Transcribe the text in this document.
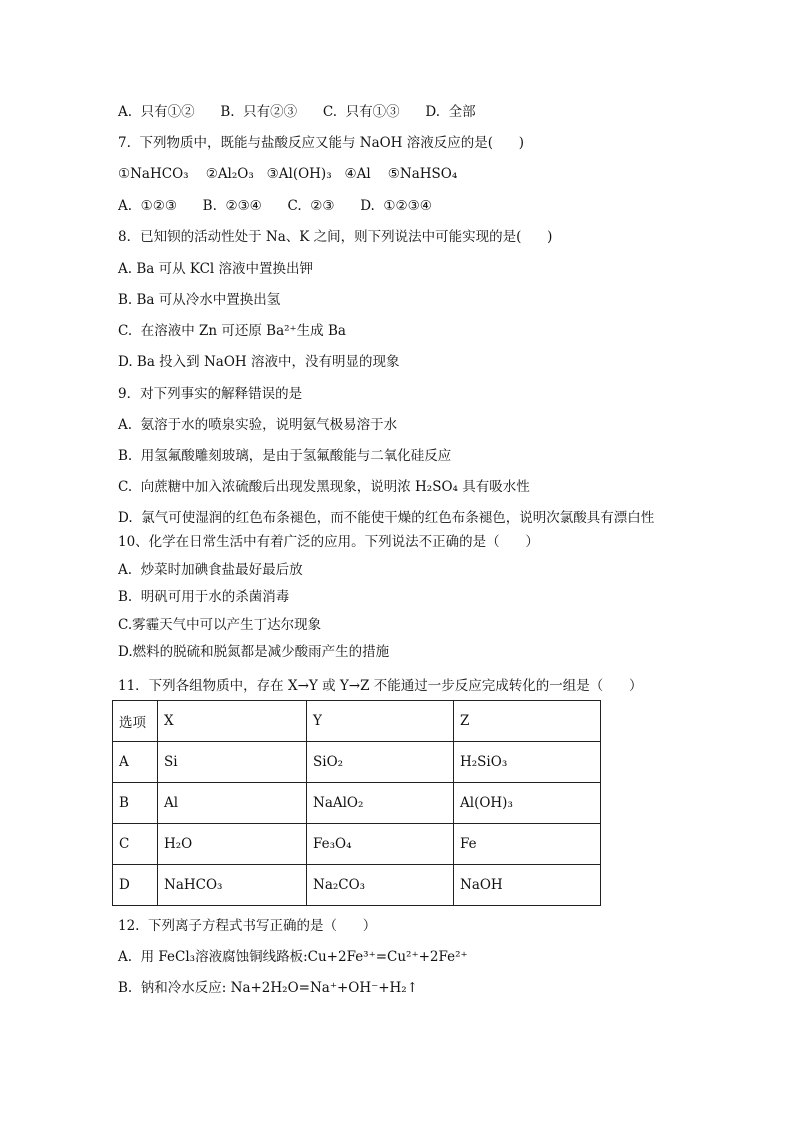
A.  只有①②      B.  只有②③      C.  只有①③      D.  全部
7.  下列物质中，既能与盐酸反应又能与 NaOH 溶液反应的是(      )
①NaHCO₃    ②Al₂O₃   ③Al(OH)₃   ④Al    ⑤NaHSO₄
A.  ①②③      B.  ②③④      C.  ②③      D.  ①②③④
8．已知钡的活动性处于 Na、K 之间，则下列说法中可能实现的是(      )
A. Ba 可从 KCl 溶液中置换出钾
B. Ba 可从冷水中置换出氢
C.  在溶液中 Zn 可还原 Ba²⁺生成 Ba
D. Ba 投入到 NaOH 溶液中，没有明显的现象
9．对下列事实的解释错误的是
A.  氨溶于水的喷泉实验，说明氨气极易溶于水
B.  用氢氟酸雕刻玻璃，是由于氢氟酸能与二氧化硅反应
C.  向蔗糖中加入浓硫酸后出现发黑现象，说明浓 H₂SO₄ 具有吸水性
D.  氯气可使湿润的红色布条褪色，而不能使干燥的红色布条褪色，说明次氯酸具有漂白性
10、化学在日常生活中有着广泛的应用。下列说法不正确的是（      ）
A.  炒菜时加碘食盐最好最后放
B.  明矾可用于水的杀菌消毒
C.雾霾天气中可以产生丁达尔现象
D.燃料的脱硫和脱氮都是减少酸雨产生的措施
11．下列各组物质中，存在 X→Y 或 Y→Z 不能通过一步反应完成转化的一组是（      ）
选项	X	Y	Z
A	Si	SiO₂	H₂SiO₃
B	Al	NaAlO₂	Al(OH)₃
C	H₂O	Fe₃O₄	Fe
D	NaHCO₃	Na₂CO₃	NaOH
12.  下列离子方程式书写正确的是（      ）
A.  用 FeCl₃溶液腐蚀铜线路板:Cu+2Fe³⁺=Cu²⁺+2Fe²⁺
B.  钠和冷水反应: Na+2H₂O=Na⁺+OH⁻+H₂↑
